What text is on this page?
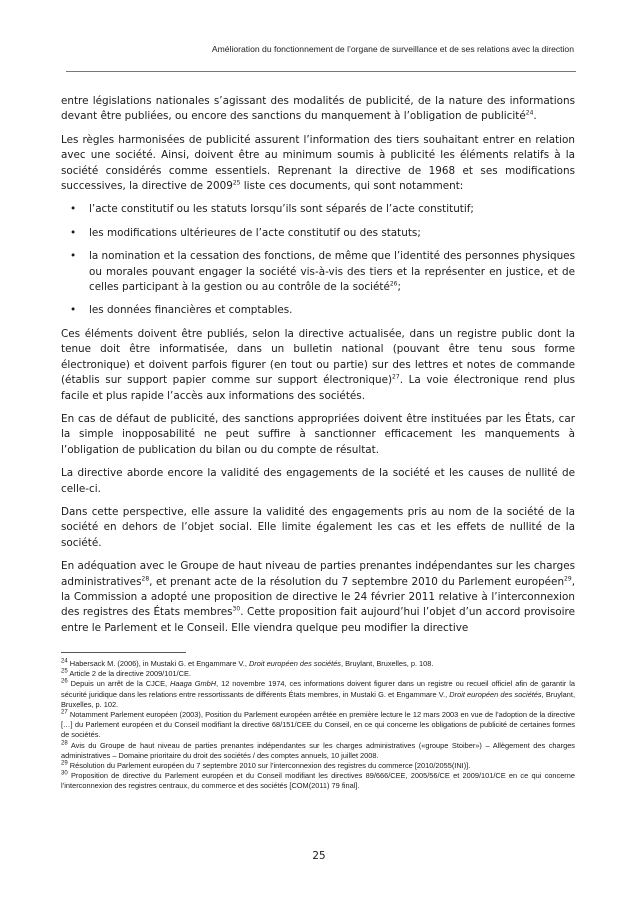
Amélioration du fonctionnement de l’organe de surveillance et de ses relations avec la direction

entre législations nationales s’agissant des modalités de publicité, de la nature des informations devant être publiées, ou encore des sanctions du manquement à l’obligation de publicité$^{24}$.

Les règles harmonisées de publicité assurent l’information des tiers souhaitant entrer en relation avec une société. Ainsi, doivent être au minimum soumis à publicité les éléments relatifs à la société considérés comme essentiels. Reprenant la directive de 1968 et ses modifications successives, la directive de 2009$^{25}$ liste ces documents, qui sont notamment:

• l’acte constitutif ou les statuts lorsqu’ils sont séparés de l’acte constitutif;
• les modifications ultérieures de l’acte constitutif ou des statuts;
• la nomination et la cessation des fonctions, de même que l’identité des personnes physiques ou morales pouvant engager la société vis-à-vis des tiers et la représenter en justice, et de celles participant à la gestion ou au contrôle de la société$^{26}$;
• les données financières et comptables.

Ces éléments doivent être publiés, selon la directive actualisée, dans un registre public dont la tenue doit être informatisée, dans un bulletin national (pouvant être tenu sous forme électronique) et doivent parfois figurer (en tout ou partie) sur des lettres et notes de commande (établis sur support papier comme sur support électronique)$^{27}$. La voie électronique rend plus facile et plus rapide l’accès aux informations des sociétés.

En cas de défaut de publicité, des sanctions appropriées doivent être instituées par les États, car la simple inopposabilité ne peut suffire à sanctionner efficacement les manquements à l’obligation de publication du bilan ou du compte de résultat.

La directive aborde encore la validité des engagements de la société et les causes de nullité de celle-ci.

Dans cette perspective, elle assure la validité des engagements pris au nom de la société de la société en dehors de l’objet social. Elle limite également les cas et les effets de nullité de la société.

En adéquation avec le Groupe de haut niveau de parties prenantes indépendantes sur les charges administratives$^{28}$, et prenant acte de la résolution du 7 septembre 2010 du Parlement européen$^{29}$, la Commission a adopté une proposition de directive le 24 février 2011 relative à l’interconnexion des registres des États membres$^{30}$. Cette proposition fait aujourd’hui l’objet d’un accord provisoire entre le Parlement et le Conseil. Elle viendra quelque peu modifier la directive

$^{24}$ Habersack M. (2006), in Mustaki G. et Engammare V., Droit européen des sociétés, Bruylant, Bruxelles, p. 108.

$^{25}$ Article 2 de la directive 2009/101/CE.

$^{26}$ Depuis un arrêt de la CJCE, Haaga GmbH, 12 novembre 1974, ces informations doivent figurer dans un registre ou recueil officiel afin de garantir la sécurité juridique dans les relations entre ressortissants de différents États membres, in Mustaki G. et Engammare V., Droit européen des sociétés, Bruylant, Bruxelles, p. 102.

$^{27}$ Notamment Parlement européen (2003), Position du Parlement européen arrêtée en première lecture le 12 mars 2003 en vue de l’adoption de la directive […] du Parlement européen et du Conseil modifiant la directive 68/151/CEE du Conseil, en ce qui concerne les obligations de publicité de certaines formes de sociétés.

$^{28}$ Avis du Groupe de haut niveau de parties prenantes indépendantes sur les charges administratives («groupe Stoiber») – Allègement des charges administratives – Domaine prioritaire du droit des sociétés / des comptes annuels, 10 juillet 2008.

$^{29}$ Résolution du Parlement européen du 7 septembre 2010 sur l’interconnexion des registres du commerce [2010/2055(INI)].

$^{30}$ Proposition de directive du Parlement européen et du Conseil modifiant les directives 89/666/CEE, 2005/56/CE et 2009/101/CE en ce qui concerne l’interconnexion des registres centraux, du commerce et des sociétés [COM(2011) 79 final].

25
